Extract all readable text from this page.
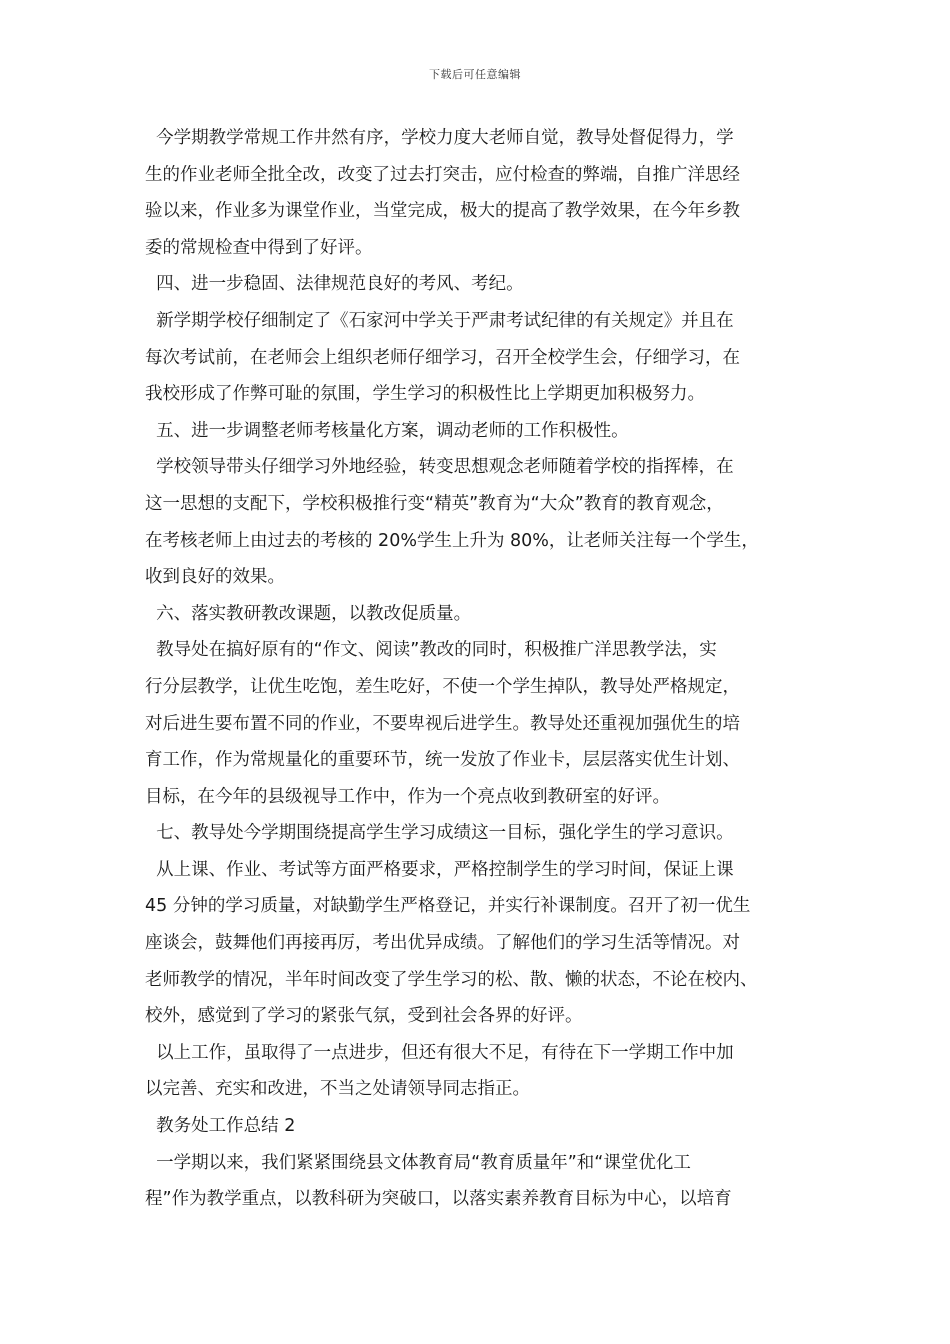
下载后可任意编辑
今学期教学常规工作井然有序，学校力度大老师自觉，教导处督促得力，学
生的作业老师全批全改，改变了过去打突击，应付检查的弊端，自推广洋思经
验以来，作业多为课堂作业，当堂完成，极大的提高了教学效果，在今年乡教
委的常规检查中得到了好评。
四、进一步稳固、法律规范良好的考风、考纪。
新学期学校仔细制定了《石家河中学关于严肃考试纪律的有关规定》并且在
每次考试前，在老师会上组织老师仔细学习，召开全校学生会，仔细学习，在
我校形成了作弊可耻的氛围，学生学习的积极性比上学期更加积极努力。
五、进一步调整老师考核量化方案，调动老师的工作积极性。
学校领导带头仔细学习外地经验，转变思想观念老师随着学校的指挥棒，在
这一思想的支配下，学校积极推行变“精英”教育为“大众”教育的教育观念，
在考核老师上由过去的考核的 20%学生上升为 80%，让老师关注每一个学生，
收到良好的效果。
六、落实教研教改课题，以教改促质量。
教导处在搞好原有的“作文、阅读”教改的同时，积极推广洋思教学法，实
行分层教学，让优生吃饱，差生吃好，不使一个学生掉队，教导处严格规定，
对后进生要布置不同的作业，不要卑视后进学生。教导处还重视加强优生的培
育工作，作为常规量化的重要环节，统一发放了作业卡，层层落实优生计划、
目标，在今年的县级视导工作中，作为一个亮点收到教研室的好评。
七、教导处今学期围绕提高学生学习成绩这一目标，强化学生的学习意识。
从上课、作业、考试等方面严格要求，严格控制学生的学习时间，保证上课
45 分钟的学习质量，对缺勤学生严格登记，并实行补课制度。召开了初一优生
座谈会，鼓舞他们再接再厉，考出优异成绩。了解他们的学习生活等情况。对
老师教学的情况，半年时间改变了学生学习的松、散、懒的状态，不论在校内、
校外，感觉到了学习的紧张气氛，受到社会各界的好评。
以上工作，虽取得了一点进步，但还有很大不足，有待在下一学期工作中加
以完善、充实和改进，不当之处请领导同志指正。
教务处工作总结 2
一学期以来，我们紧紧围绕县文体教育局“教育质量年”和“课堂优化工
程”作为教学重点，以教科研为突破口，以落实素养教育目标为中心，以培育
